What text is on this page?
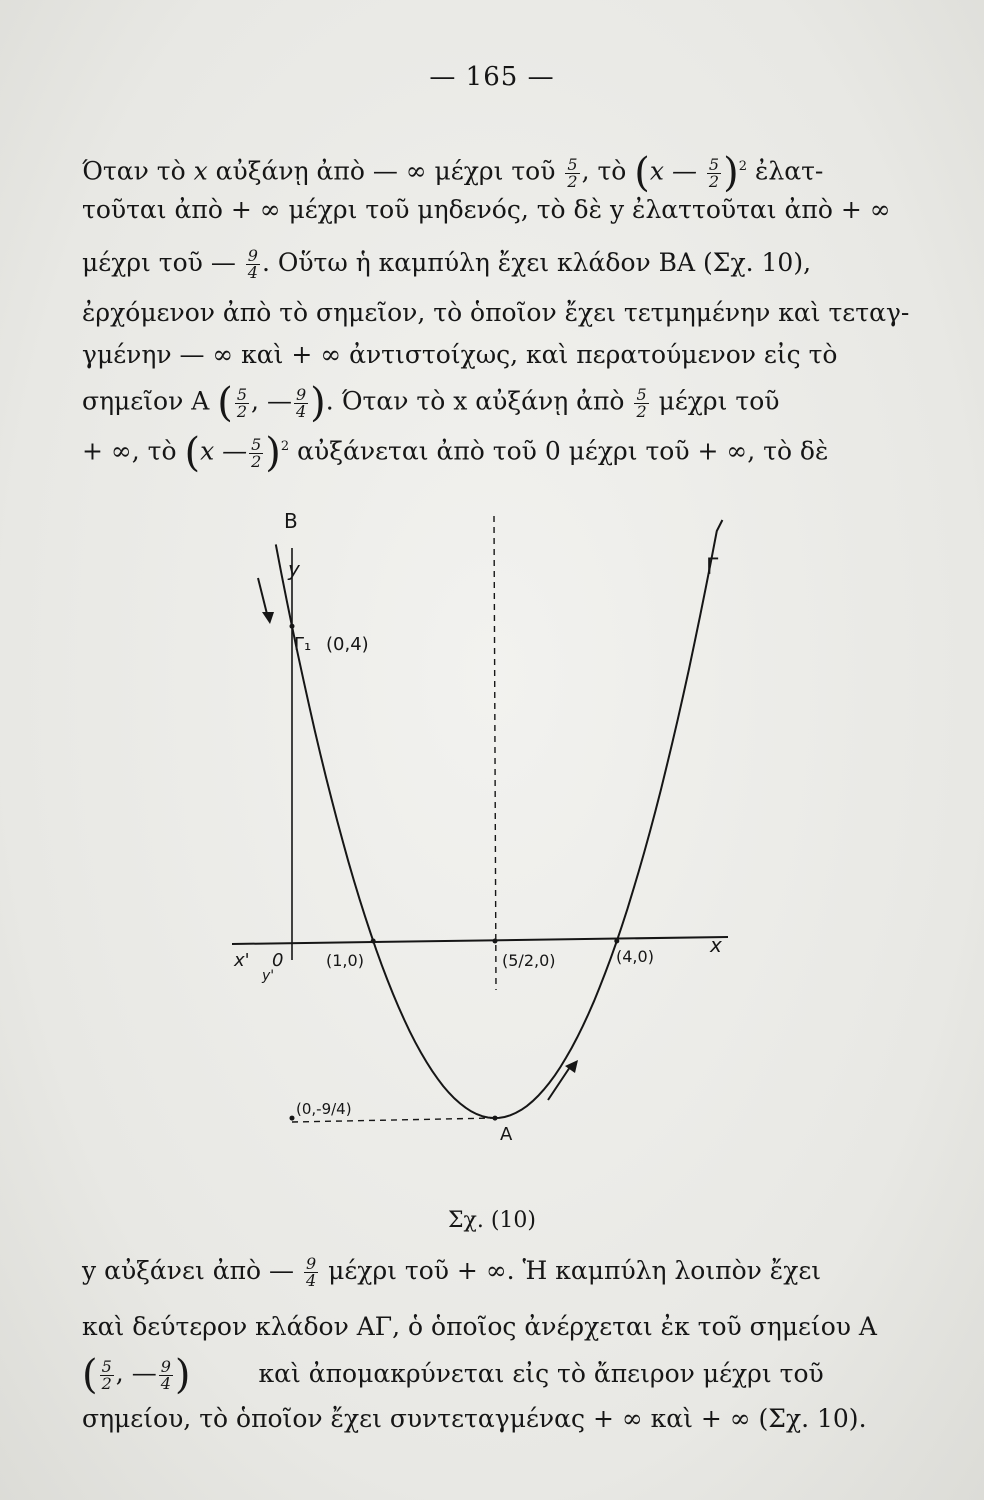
— 165 —
Όταν τὸ x αὐξάνῃ ἀπὸ — ∞ μέχρι τοῦ $\frac{5}{2}$ , τὸ (x — $\frac{5}{2} )^2$ ἐλατ-
τοῦται ἀπὸ + ∞ μέχρι τοῦ μηδενός, τὸ δὲ y ἐλαττοῦται ἀπὸ + ∞
μέχρι τοῦ — $\frac{9}{4}$ . Οὕτω ἡ καμπύλη ἔχει κλάδον ΒΑ (Σχ. 10),
ἐρχόμενον ἀπὸ τὸ σημεῖον, τὸ ὁποῖον ἔχει τετμημένην καὶ τεταγ-
γμένην — ∞ καὶ + ∞ ἀντιστοίχως, καὶ περατούμενον εἰς τὸ
σημεῖον Α ( $\frac{5}{2}$ , — $\frac{9}{4}$ ). Όταν τὸ x αὐξάνῃ ἀπὸ $\frac{5}{2}$ μέχρι τοῦ
+ ∞, τὸ (x — $\frac{5}{2} )^2$ αὐξάνεται ἀπὸ τοῦ 0 μέχρι τοῦ + ∞, τὸ δὲ
Β
y	Γ
Γ₁ (0,4)
x' 0	(1,0)	(5/2,0)	(4,0)	x
(0,-9/4)
A
y'
Σχ. (10)
y αὐξάνει ἀπὸ — $\frac{9}{4}$ μέχρι τοῦ + ∞. Ἡ καμπύλη λοιπὸν ἔχει
καὶ δεύτερον κλάδον ΑΓ, ὁ ὁποῖος ἀνέρχεται ἐκ τοῦ σημείου Α
( $\frac{5}{2}$ , — $\frac{9}{4}$ )	καὶ ἀπομακρύνεται εἰς τὸ ἄπειρον μέχρι τοῦ
σημείου, τὸ ὁποῖον ἔχει συντεταγμένας + ∞ καὶ + ∞ (Σχ. 10).
